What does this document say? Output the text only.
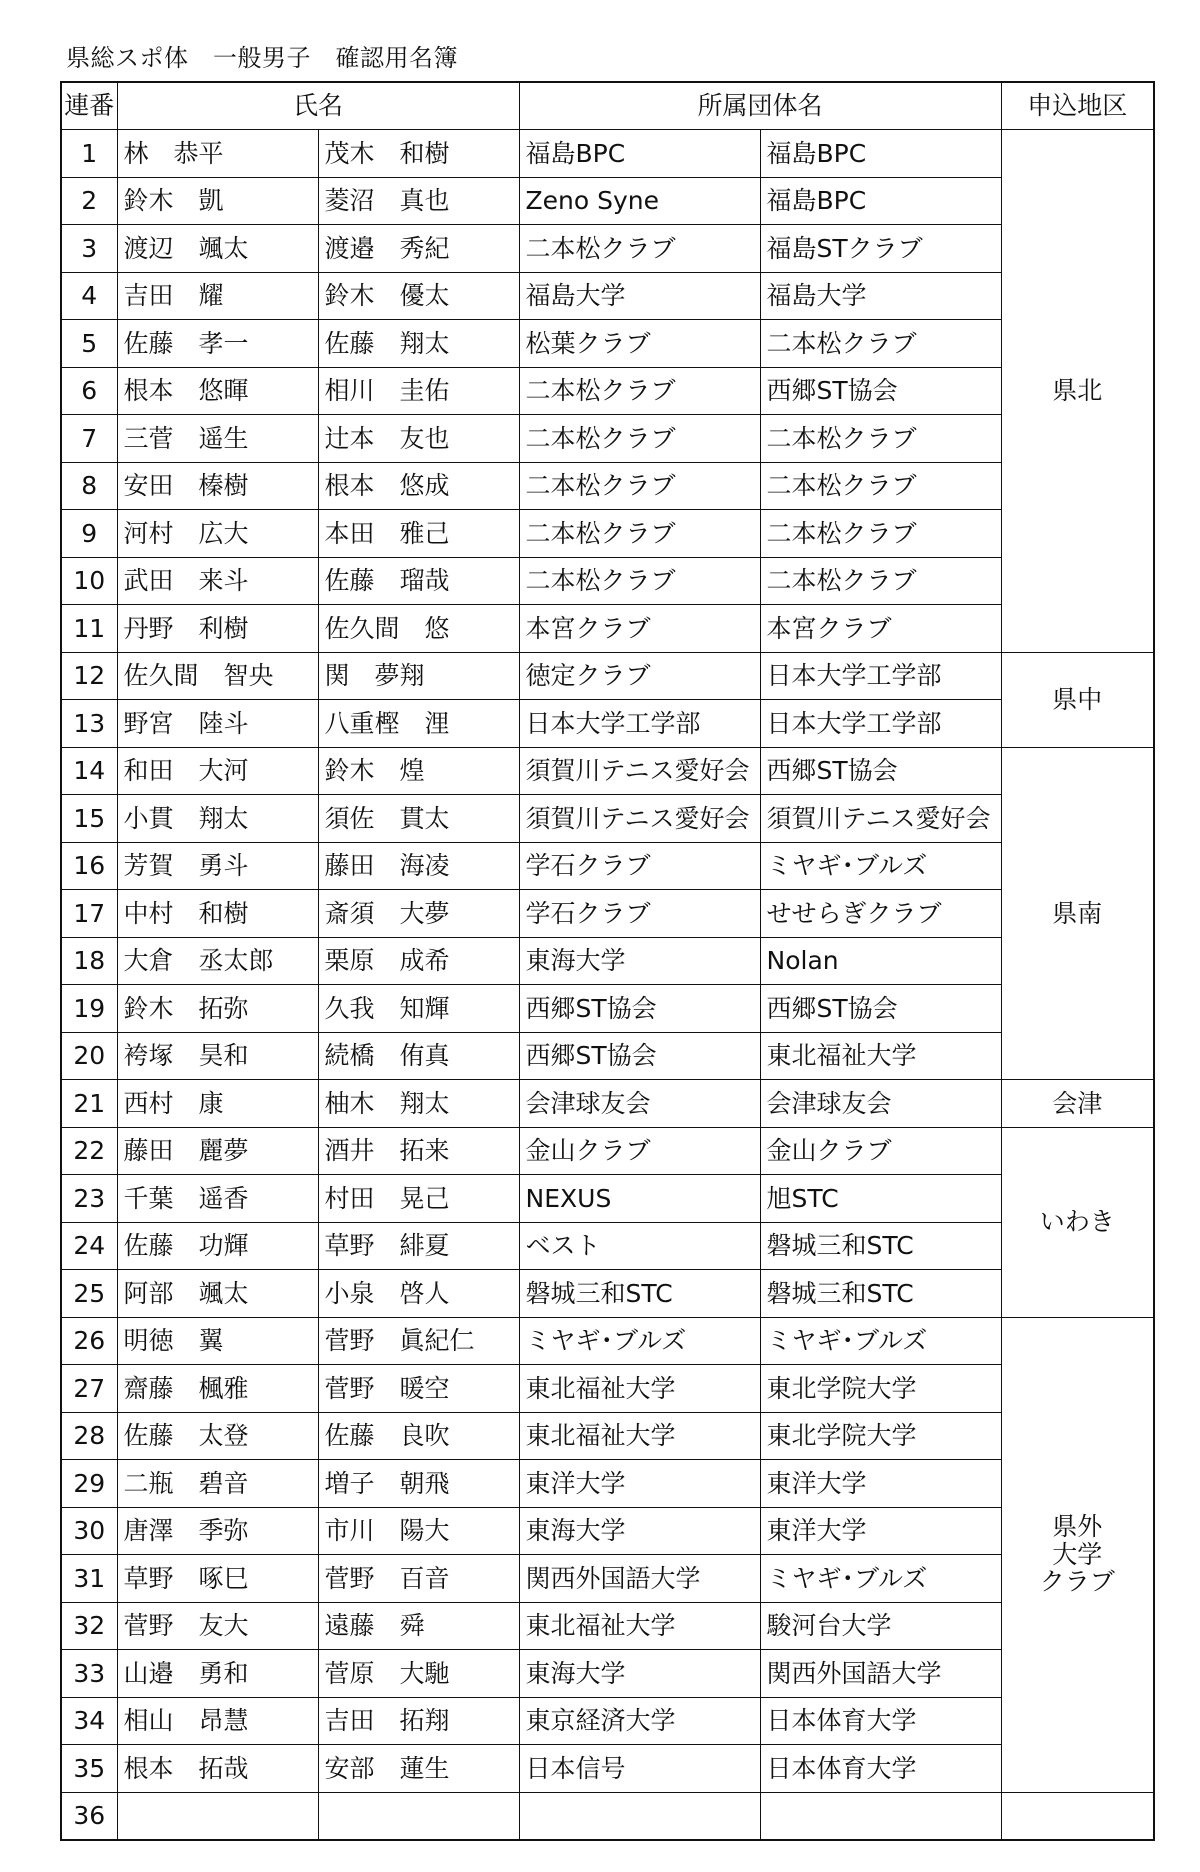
県総スポ体　一般男子　確認用名簿
連番	氏名		所属団体名		申込地区
1	林　恭平	茂木　和樹	福島BPC	福島BPC	県北
2	鈴木　凱	菱沼　真也	Zeno Syne	福島BPC	
3	渡辺　颯太	渡邉　秀紀	二本松クラブ	福島STクラブ	
4	吉田　耀	鈴木　優太	福島大学	福島大学	
5	佐藤　孝一	佐藤　翔太	松葉クラブ	二本松クラブ	
6	根本　悠暉	相川　圭佑	二本松クラブ	西郷ST協会	
7	三菅　遥生	辻本　友也	二本松クラブ	二本松クラブ	
8	安田　榛樹	根本　悠成	二本松クラブ	二本松クラブ	
9	河村　広大	本田　雅己	二本松クラブ	二本松クラブ	
10	武田　来斗	佐藤　瑠哉	二本松クラブ	二本松クラブ	
11	丹野　利樹	佐久間　悠	本宮クラブ	本宮クラブ	
12	佐久間　智央	関　夢翔	徳定クラブ	日本大学工学部	県中
13	野宮　陸斗	八重樫　浬	日本大学工学部	日本大学工学部	
14	和田　大河	鈴木　煌	須賀川テニス愛好会	西郷ST協会	県南
15	小貫　翔太	須佐　貫太	須賀川テニス愛好会	須賀川テニス愛好会	
16	芳賀　勇斗	藤田　海凌	学石クラブ	ミヤギ･ブルズ	
17	中村　和樹	斎須　大夢	学石クラブ	せせらぎクラブ	
18	大倉　丞太郎	栗原　成希	東海大学	Nolan	
19	鈴木　拓弥	久我　知輝	西郷ST協会	西郷ST協会	
20	袴塚　昊和	続橋　侑真	西郷ST協会	東北福祉大学	
21	西村　康	柚木　翔太	会津球友会	会津球友会	会津
22	藤田　麗夢	酒井　拓来	金山クラブ	金山クラブ	いわき
23	千葉　遥香	村田　晃己	NEXUS	旭STC	
24	佐藤　功輝	草野　緋夏	ベスト	磐城三和STC	
25	阿部　颯太	小泉　啓人	磐城三和STC	磐城三和STC	
26	明徳　翼	菅野　眞紀仁	ミヤギ･ブルズ	ミヤギ･ブルズ	県外
大学
クラブ
27	齋藤　楓雅	菅野　暖空	東北福祉大学	東北学院大学	
28	佐藤　太登	佐藤　良吹	東北福祉大学	東北学院大学	
29	二瓶　碧音	増子　朝飛	東洋大学	東洋大学	
30	唐澤　季弥	市川　陽大	東海大学	東洋大学	
31	草野　啄巳	菅野　百音	関西外国語大学	ミヤギ･ブルズ	
32	菅野　友大	遠藤　舜	東北福祉大学	駿河台大学	
33	山邉　勇和	菅原　大馳	東海大学	関西外国語大学	
34	相山　昂慧	吉田　拓翔	東京経済大学	日本体育大学	
35	根本　拓哉	安部　蓮生	日本信号	日本体育大学	
36					
